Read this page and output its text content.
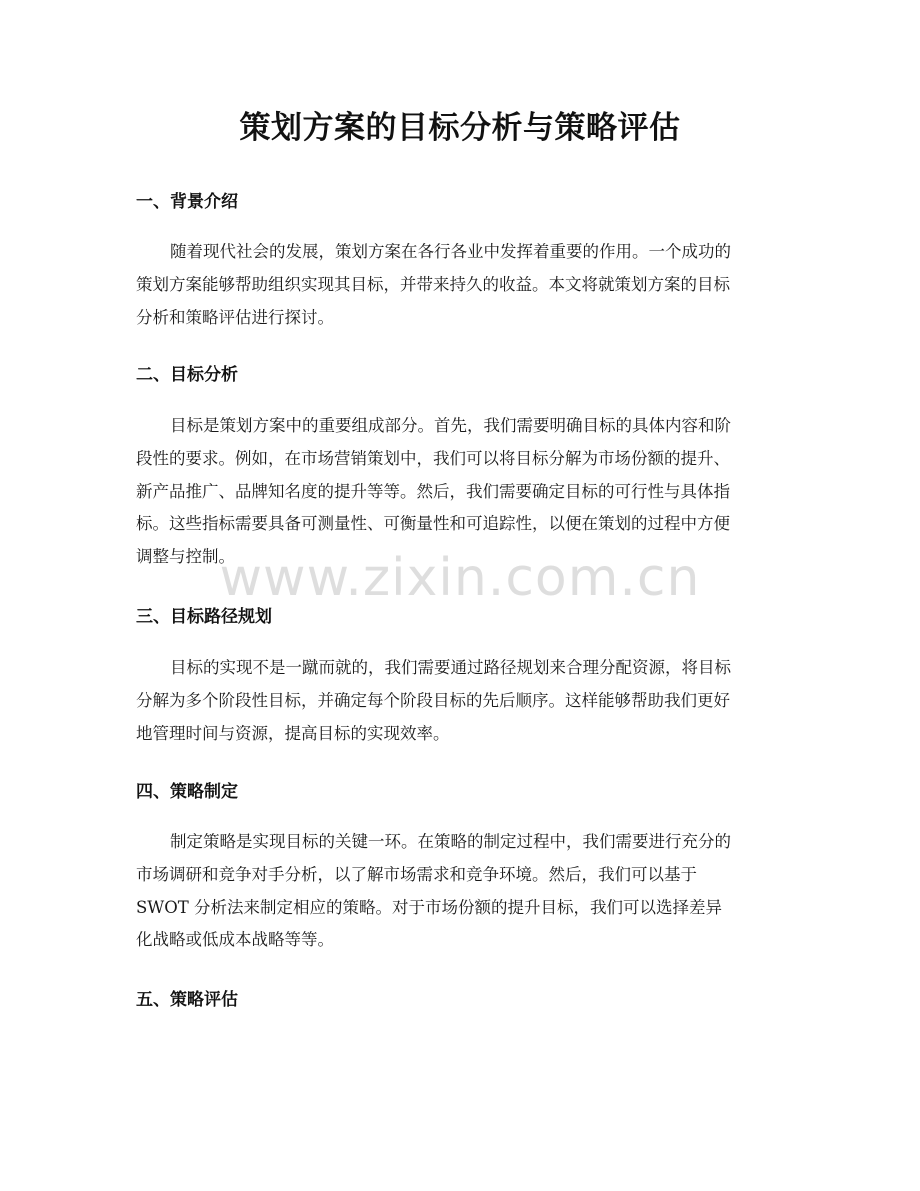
策划方案的目标分析与策略评估
一、背景介绍

随着现代社会的发展，策划方案在各行各业中发挥着重要的作用。一个成功的
策划方案能够帮助组织实现其目标，并带来持久的收益。本文将就策划方案的目标
分析和策略评估进行探讨。

二、目标分析

目标是策划方案中的重要组成部分。首先，我们需要明确目标的具体内容和阶
段性的要求。例如，在市场营销策划中，我们可以将目标分解为市场份额的提升、
新产品推广、品牌知名度的提升等等。然后，我们需要确定目标的可行性与具体指
标。这些指标需要具备可测量性、可衡量性和可追踪性，以便在策划的过程中方便
调整与控制。

三、目标路径规划

目标的实现不是一蹴而就的，我们需要通过路径规划来合理分配资源，将目标
分解为多个阶段性目标，并确定每个阶段目标的先后顺序。这样能够帮助我们更好
地管理时间与资源，提高目标的实现效率。

四、策略制定

制定策略是实现目标的关键一环。在策略的制定过程中，我们需要进行充分的
市场调研和竞争对手分析，以了解市场需求和竞争环境。然后，我们可以基于
SWOT 分析法来制定相应的策略。对于市场份额的提升目标，我们可以选择差异
化战略或低成本战略等等。

五、策略评估
www.zixin.com.cn
